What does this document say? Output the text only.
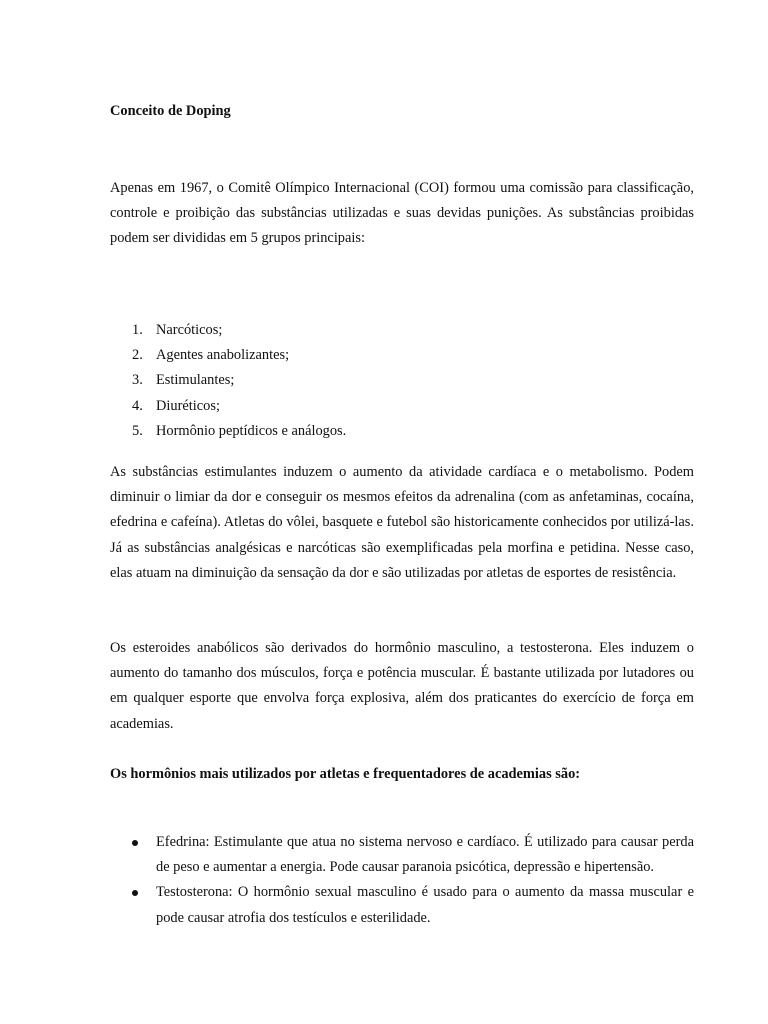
Conceito de Doping
Apenas em 1967, o Comitê Olímpico Internacional (COI) formou uma comissão para classificação, controle e proibição das substâncias utilizadas e suas devidas punições. As substâncias proibidas podem ser divididas em 5 grupos principais:
1. Narcóticos;
2. Agentes anabolizantes;
3. Estimulantes;
4. Diuréticos;
5. Hormônio peptídicos e análogos.
As substâncias estimulantes induzem o aumento da atividade cardíaca e o metabolismo. Podem diminuir o limiar da dor e conseguir os mesmos efeitos da adrenalina (com as anfetaminas, cocaína, efedrina e cafeína). Atletas do vôlei, basquete e futebol são historicamente conhecidos por utilizá-las. Já as substâncias analgésicas e narcóticas são exemplificadas pela morfina e petidina. Nesse caso, elas atuam na diminuição da sensação da dor e são utilizadas por atletas de esportes de resistência.
Os esteroides anabólicos são derivados do hormônio masculino, a testosterona. Eles induzem o aumento do tamanho dos músculos, força e potência muscular. É bastante utilizada por lutadores ou em qualquer esporte que envolva força explosiva, além dos praticantes do exercício de força em academias.
Os hormônios mais utilizados por atletas e frequentadores de academias são:
Efedrina: Estimulante que atua no sistema nervoso e cardíaco. É utilizado para causar perda de peso e aumentar a energia. Pode causar paranoia psicótica, depressão e hipertensão.
Testosterona: O hormônio sexual masculino é usado para o aumento da massa muscular e pode causar atrofia dos testículos e esterilidade.
